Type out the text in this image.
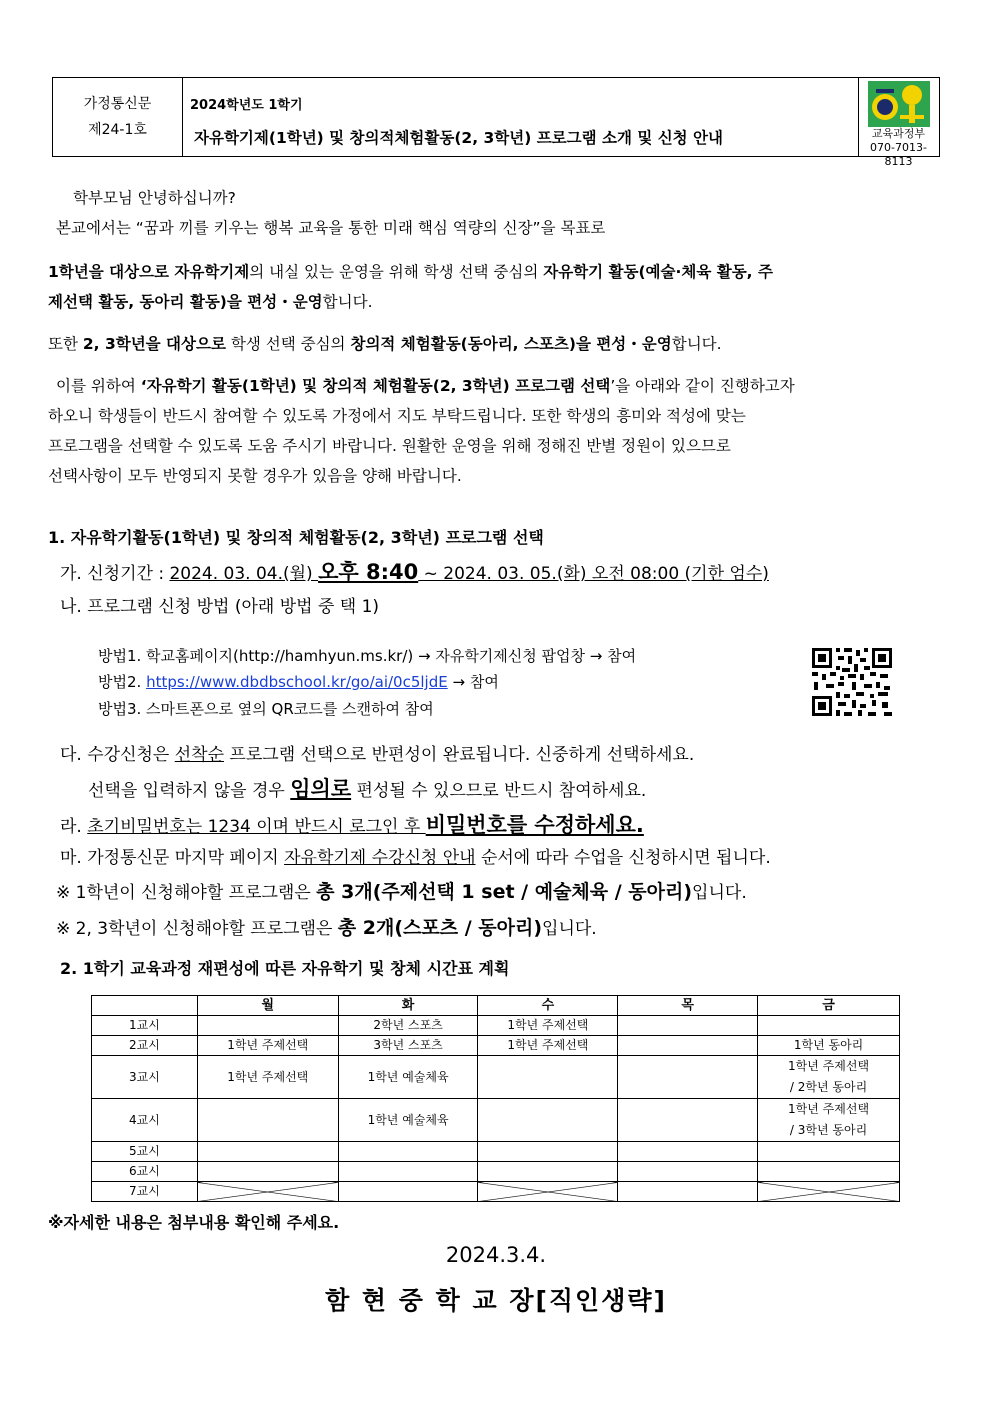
가정통신문
제24-1호
2024학년도 1학기
자유학기제(1학년) 및 창의적체험활동(2, 3학년) 프로그램 소개 및 신청 안내	교육과정부
070-7013-8113
학부모님 안녕하십니까?
본교에서는 “꿈과 끼를 키우는 행복 교육을 통한 미래 핵심 역량의 신장”을 목표로
1학년을 대상으로 자유학기제의 내실 있는 운영을 위해 학생 선택 중심의 자유학기 활동(예술·체육 활동, 주
제선택 활동, 동아리 활동)을 편성・운영합니다.
또한 2, 3학년을 대상으로 학생 선택 중심의 창의적 체험활동(동아리, 스포츠)을 편성・운영합니다.
이를 위하여 ‘자유학기 활동(1학년) 및 창의적 체험활동(2, 3학년) 프로그램 선택’을 아래와 같이 진행하고자
하오니 학생들이 반드시 참여할 수 있도록 가정에서 지도 부탁드립니다. 또한 학생의 흥미와 적성에 맞는
프로그램을 선택할 수 있도록 도움 주시기 바랍니다. 원활한 운영을 위해 정해진 반별 정원이 있으므로
선택사항이 모두 반영되지 못할 경우가 있음을 양해 바랍니다.
1. 자유학기활동(1학년) 및 창의적 체험활동(2, 3학년) 프로그램 선택
가. 신청기간 : 2024. 03. 04.(월) 오후 8:40 ~ 2024. 03. 05.(화) 오전 08:00 (기한 엄수)
나. 프로그램 신청 방법 (아래 방법 중 택 1)
방법1. 학교홈페이지(http://hamhyun.ms.kr/) → 자유학기제신청 팝업창 → 참여
방법2. https://www.dbdbschool.kr/go/ai/0c5ljdE → 참여
방법3. 스마트폰으로 옆의 QR코드를 스캔하여 참여
다. 수강신청은 선착순 프로그램 선택으로 반편성이 완료됩니다. 신중하게 선택하세요.
선택을 입력하지 않을 경우 임의로 편성될 수 있으므로 반드시 참여하세요.
라. 초기비밀번호는 1234 이며 반드시 로그인 후 비밀번호를 수정하세요.
마. 가정통신문 마지막 페이지 자유학기제 수강신청 안내 순서에 따라 수업을 신청하시면 됩니다.
※ 1학년이 신청해야할 프로그램은 총 3개(주제선택 1 set / 예술체육 / 동아리)입니다.
※ 2, 3학년이 신청해야할 프로그램은 총 2개(스포츠 / 동아리)입니다.
2. 1학기 교육과정 재편성에 따른 자유학기 및 창체 시간표 계획
	월	화	수	목	금
1교시		2학년 스포츠	1학년 주제선택		
2교시	1학년 주제선택	3학년 스포츠	1학년 주제선택		1학년 동아리
3교시	1학년 주제선택	1학년 예술체육			1학년 주제선택
/ 2학년 동아리

4교시		1학년 예술체육			1학년 주제선택
/ 3학년 동아리

5교시					
6교시					
7교시					
※자세한 내용은 첨부내용 확인해 주세요.
2024.3.4.
함 현 중 학 교 장[직인생략]
